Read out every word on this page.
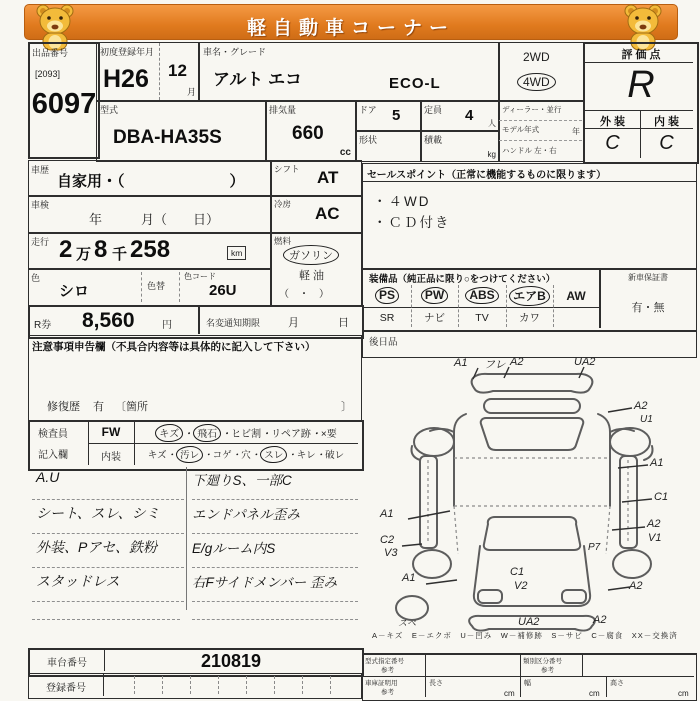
軽自動車コーナー
出品番号
[2093]
6097
初度登録年月
H26 12
月
車名・グレード
アルト エコ	ECO-L
2WD
4WD
評 価 点
R
外 装	内 装
C	C
型式
DBA-HA35S
排気量
660
cc
ドア 5
形状
定員 4 人
積載
kg
ディーラー・並行
モデル年式	年
ハンドル 左・右
車歴
自家用・（　　　　　　　）
シフト AT
車検
年　　　月（　　日）
冷房 AC
走行 2 万 8 千 258	km
燃料
ガソリン
軽 油
（　・　）
色
シロ	色替
色コード
26U
R券 8,560	円	名変通知期限	月	日
注意事項申告欄（不具合内容等は具体的に記入して下さい）
修復歴 有 〔箇所	〕
検査員
記入欄
FW
内装
キズ ・ 飛石 ・ ヒビ割 ・ リペア跡 ・ ×要
キズ ・ 汚レ ・ コゲ ・ 穴 ・ スレ ・ キレ ・ 破レ
A.U
シート、スレ、シミ
外装、Pアセ、鉄粉
スタッドレス
下廻りS、一部C
エンドパネル歪み
E/gルーム内S
右Fサイドメンバー 歪み
車台番号	210819
登録番号
セールスポイント（正常に機能するものに限ります）
・４WD
・ＣＤ付き
装備品（純正品に限り○をつけてください）	新車保証書
有・無
PS	PW	ABS	エアB	AW
SR	ナビ	TV	カワ
後日品
A1 フレ A2	UA2
A2
U1
A1
C1
A2
V1
P7
A2
A2
UA2
C1
V2
A1
C2
V3
A1
スペ
A－キズ　E－エクボ　U－凹み　W－補修跡　S－サビ　C－腐食　XX－交換済
型式指定番号
参考
類別区分番号
参考
車庫証明用
参考
長さ
cm
幅
cm
高さ
cm
